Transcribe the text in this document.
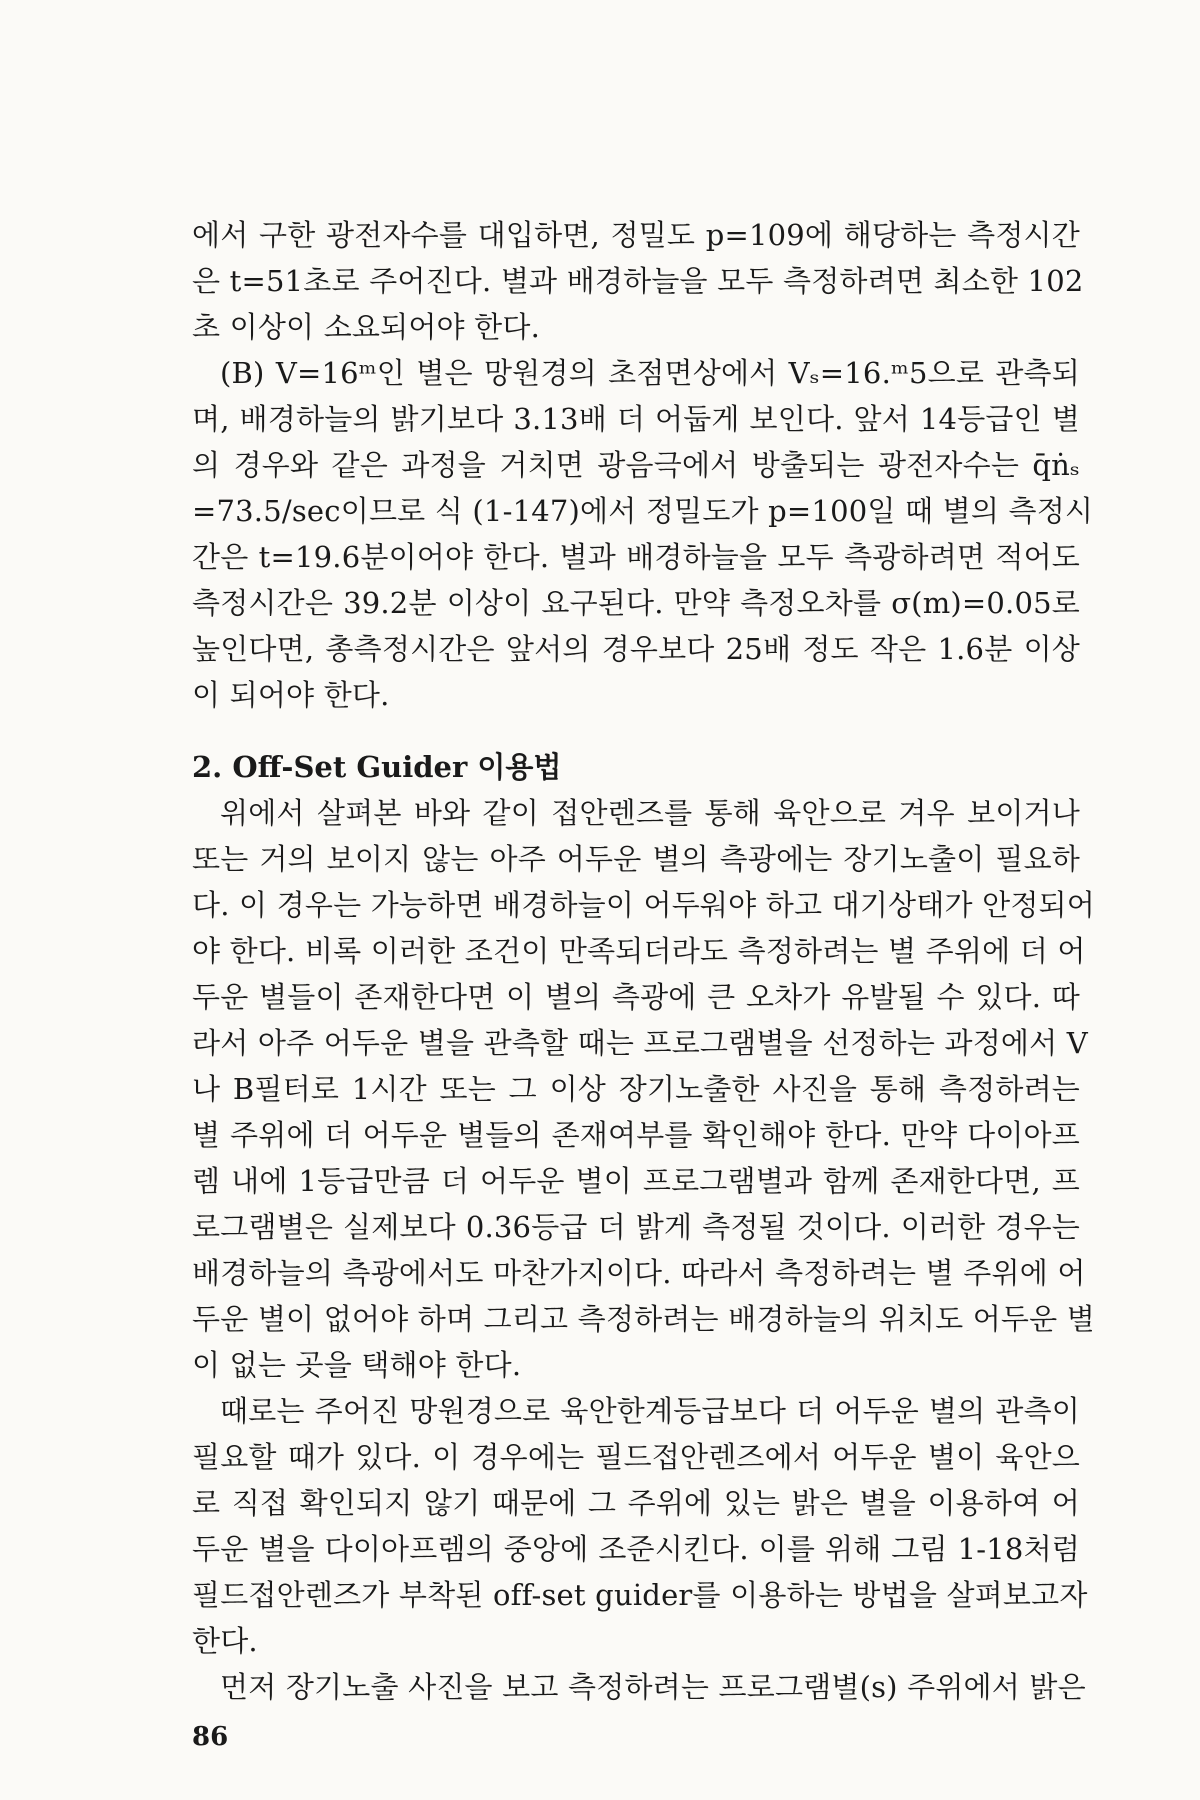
에서 구한 광전자수를 대입하면, 정밀도 p=109에 해당하는 측정시간
은 t=51초로 주어진다. 별과 배경하늘을 모두 측정하려면 최소한 102
초 이상이 소요되어야 한다.
(B) V=16ᵐ인 별은 망원경의 초점면상에서 Vₛ=16.ᵐ5으로 관측되
며, 배경하늘의 밝기보다 3.13배 더 어둡게 보인다. 앞서 14등급인 별
의 경우와 같은 과정을 거치면 광음극에서 방출되는 광전자수는 q̄ṅₛ
=73.5/sec이므로 식 (1-147)에서 정밀도가 p=100일 때 별의 측정시
간은 t=19.6분이어야 한다. 별과 배경하늘을 모두 측광하려면 적어도
측정시간은 39.2분 이상이 요구된다. 만약 측정오차를 σ(m)=0.05로
높인다면, 총측정시간은 앞서의 경우보다 25배 정도 작은 1.6분 이상
이 되어야 한다.
2. Off-Set Guider 이용법
위에서 살펴본 바와 같이 접안렌즈를 통해 육안으로 겨우 보이거나
또는 거의 보이지 않는 아주 어두운 별의 측광에는 장기노출이 필요하
다. 이 경우는 가능하면 배경하늘이 어두워야 하고 대기상태가 안정되어
야 한다. 비록 이러한 조건이 만족되더라도 측정하려는 별 주위에 더 어
두운 별들이 존재한다면 이 별의 측광에 큰 오차가 유발될 수 있다. 따
라서 아주 어두운 별을 관측할 때는 프로그램별을 선정하는 과정에서 V
나 B필터로 1시간 또는 그 이상 장기노출한 사진을 통해 측정하려는
별 주위에 더 어두운 별들의 존재여부를 확인해야 한다. 만약 다이아프
렘 내에 1등급만큼 더 어두운 별이 프로그램별과 함께 존재한다면, 프
로그램별은 실제보다 0.36등급 더 밝게 측정될 것이다. 이러한 경우는
배경하늘의 측광에서도 마찬가지이다. 따라서 측정하려는 별 주위에 어
두운 별이 없어야 하며 그리고 측정하려는 배경하늘의 위치도 어두운 별
이 없는 곳을 택해야 한다.
때로는 주어진 망원경으로 육안한계등급보다 더 어두운 별의 관측이
필요할 때가 있다. 이 경우에는 필드접안렌즈에서 어두운 별이 육안으
로 직접 확인되지 않기 때문에 그 주위에 있는 밝은 별을 이용하여 어
두운 별을 다이아프렘의 중앙에 조준시킨다. 이를 위해 그림 1-18처럼
필드접안렌즈가 부착된 off-set guider를 이용하는 방법을 살펴보고자
한다.
먼저 장기노출 사진을 보고 측정하려는 프로그램별(s) 주위에서 밝은
86
